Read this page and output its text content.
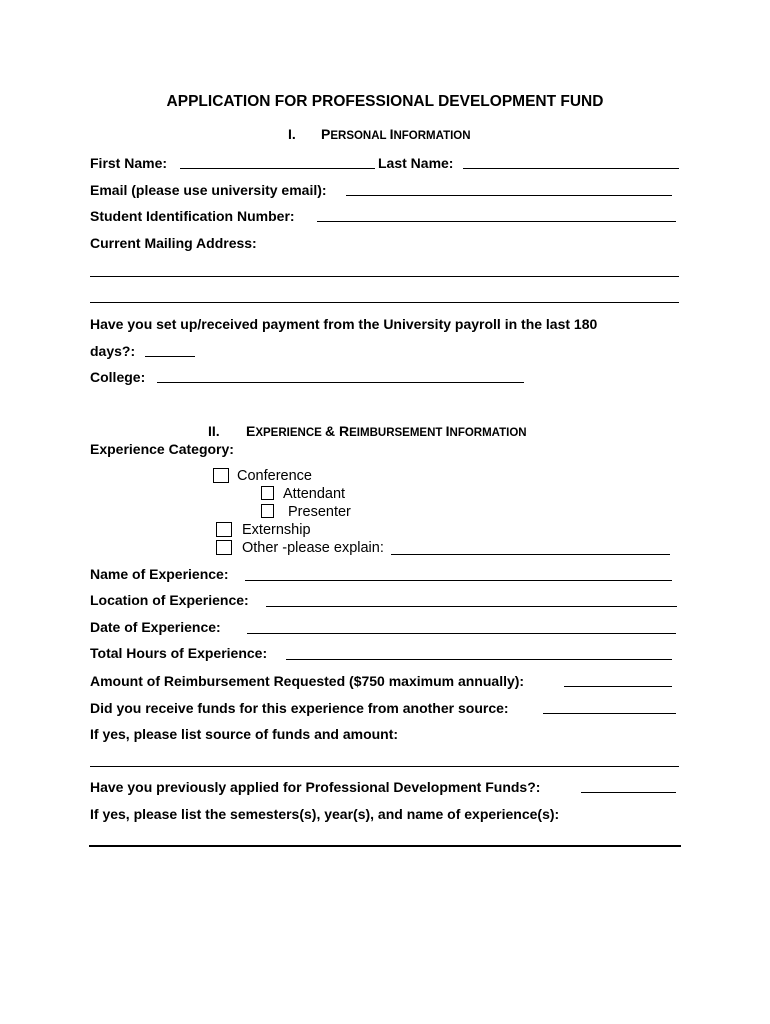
APPLICATION FOR PROFESSIONAL DEVELOPMENT FUND
I. PERSONAL INFORMATION
First Name:	Last Name:
Email (please use university email):
Student Identification Number:
Current Mailing Address:
Have you set up/received payment from the University payroll in the last 180
days?:
College:
II. EXPERIENCE & REIMBURSEMENT INFORMATION
Experience Category:
Conference
Attendant
Presenter
Externship
Other -please explain:
Name of Experience:
Location of Experience:
Date of Experience:
Total Hours of Experience:
Amount of Reimbursement Requested ($750 maximum annually):
Did you receive funds for this experience from another source:
If yes, please list source of funds and amount:
Have you previously applied for Professional Development Funds?:
If yes, please list the semesters(s), year(s), and name of experience(s):
